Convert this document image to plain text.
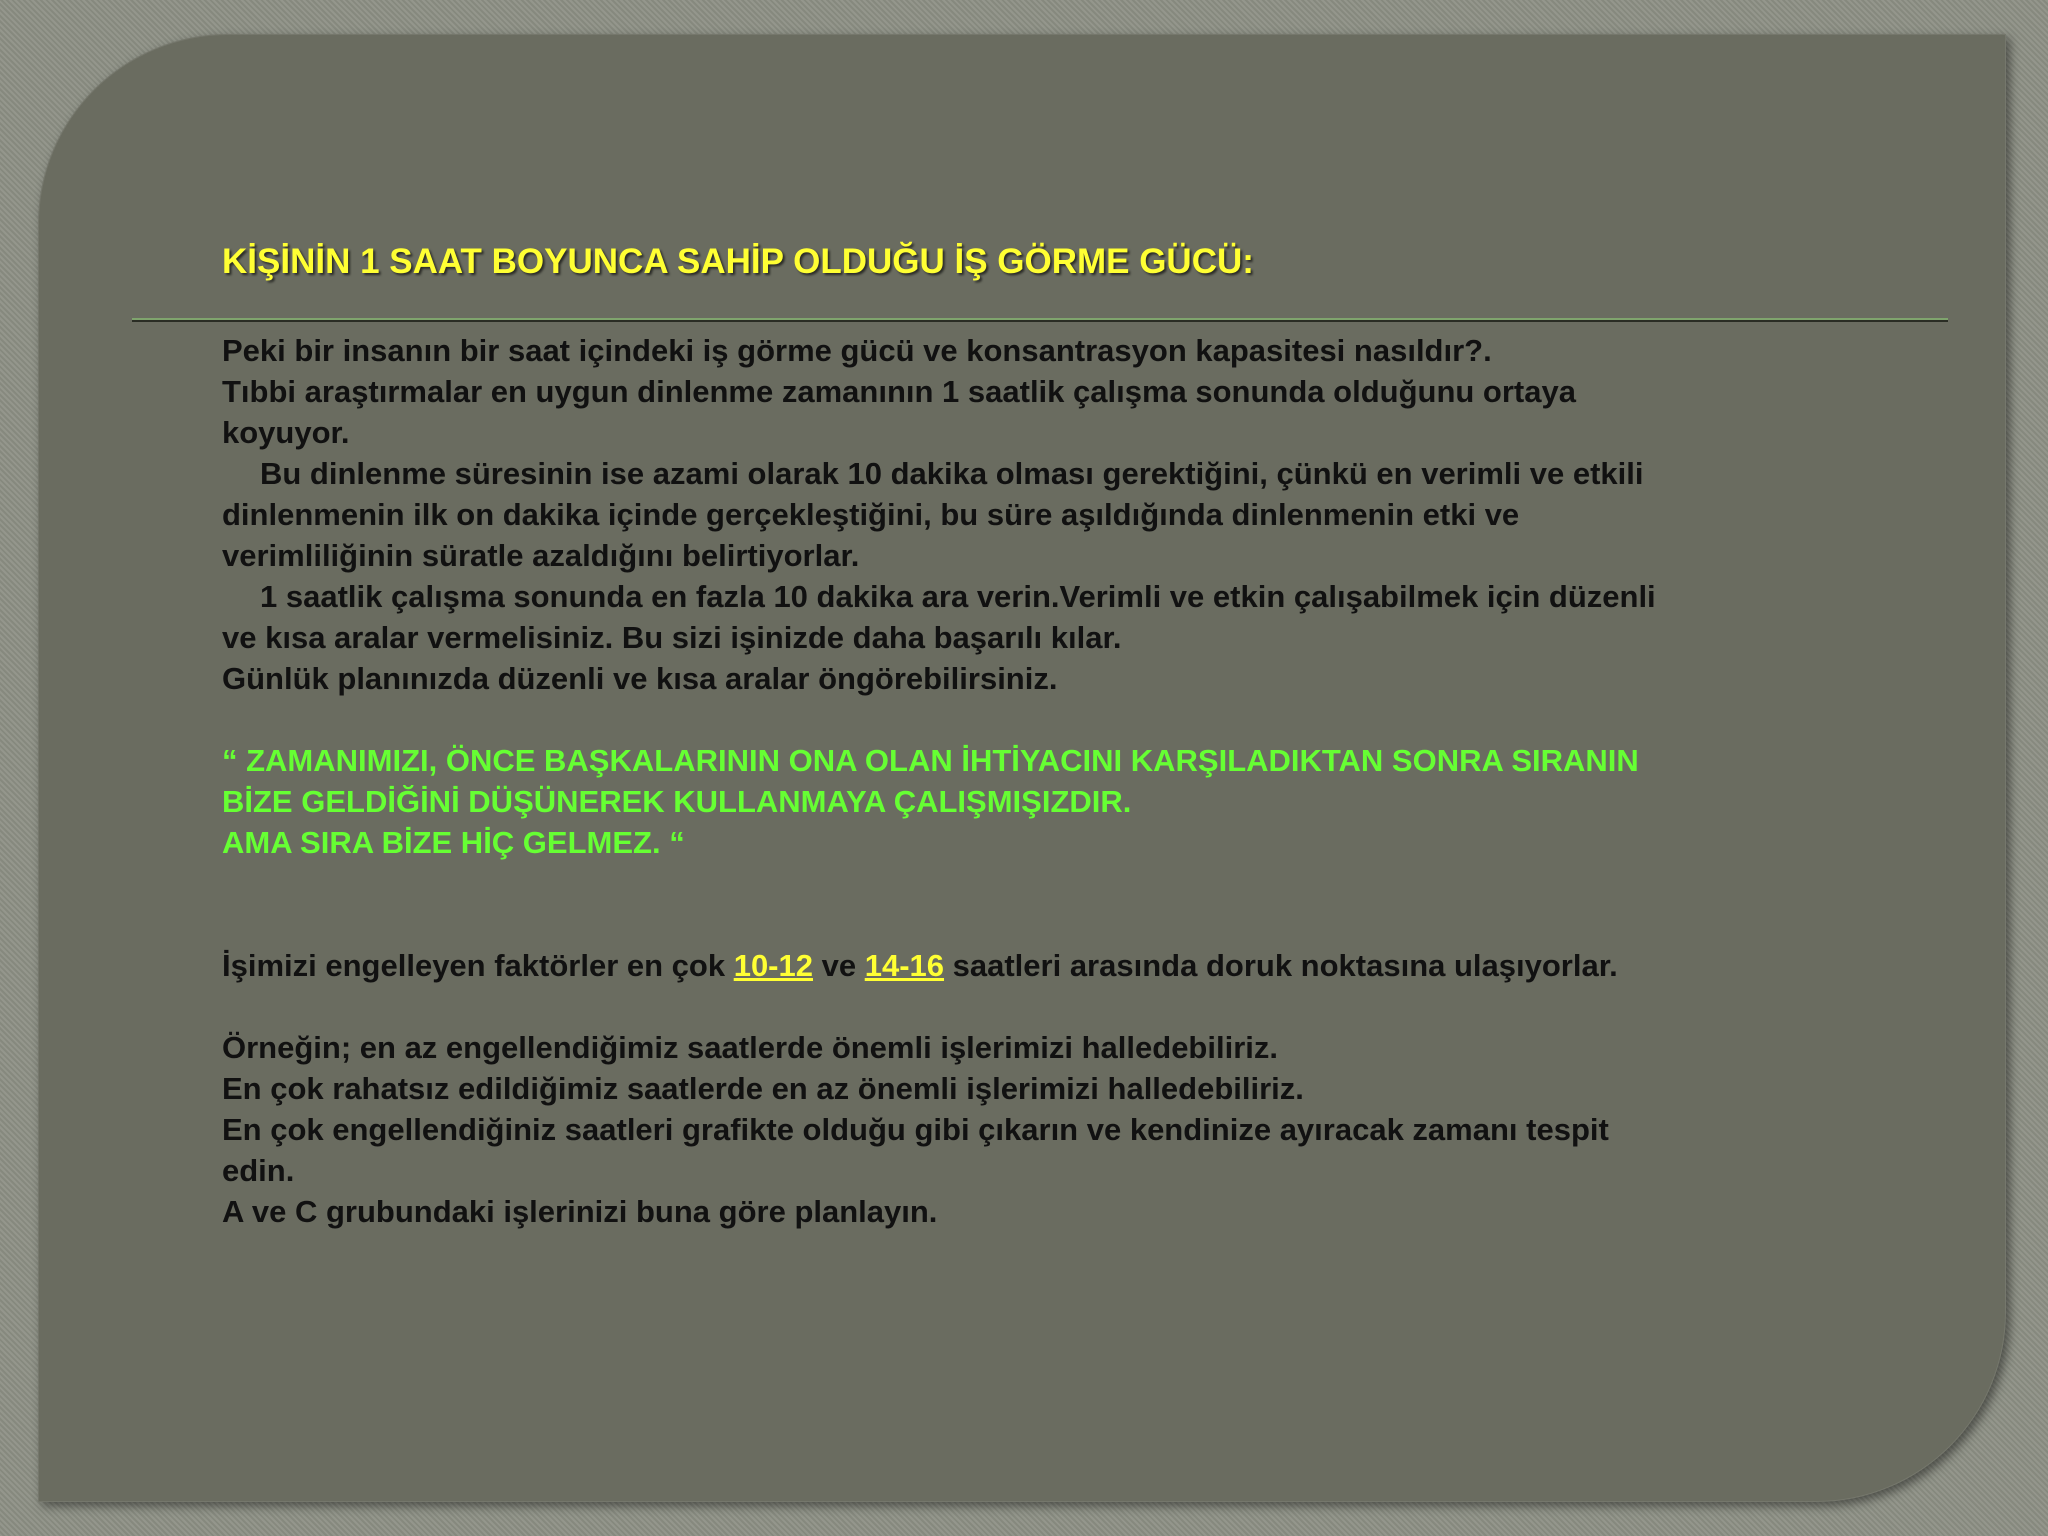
KİŞİNİN 1 SAAT BOYUNCA SAHİP OLDUĞU İŞ GÖRME GÜCÜ:
Peki bir insanın bir saat içindeki iş görme gücü ve konsantrasyon kapasitesi nasıldır?.
Tıbbi araştırmalar en uygun dinlenme zamanının 1 saatlik çalışma sonunda olduğunu ortaya
koyuyor.
Bu dinlenme süresinin ise azami olarak 10 dakika olması gerektiğini, çünkü en verimli ve etkili
dinlenmenin ilk on dakika içinde gerçekleştiğini, bu süre aşıldığında dinlenmenin etki ve
verimliliğinin süratle azaldığını belirtiyorlar.
1 saatlik çalışma sonunda en fazla 10 dakika ara verin.Verimli ve etkin çalışabilmek için düzenli
ve kısa aralar vermelisiniz. Bu sizi işinizde daha başarılı kılar.
Günlük planınızda düzenli ve kısa aralar öngörebilirsiniz.
“ ZAMANIMIZI, ÖNCE BAŞKALARININ ONA OLAN İHTİYACINI KARŞILADIKTAN SONRA SIRANIN
BİZE GELDİĞİNİ DÜŞÜNEREK KULLANMAYA ÇALIŞMIŞIZDIR.
AMA SIRA BİZE HİÇ GELMEZ. “
İşimizi engelleyen faktörler en çok 10-12 ve 14-16 saatleri arasında doruk noktasına ulaşıyorlar.
Örneğin; en az engellendiğimiz saatlerde önemli işlerimizi halledebiliriz.
En çok rahatsız edildiğimiz saatlerde en az önemli işlerimizi halledebiliriz.
En çok engellendiğiniz saatleri grafikte olduğu gibi çıkarın ve kendinize ayıracak zamanı tespit
edin.
A ve C grubundaki işlerinizi buna göre planlayın.
